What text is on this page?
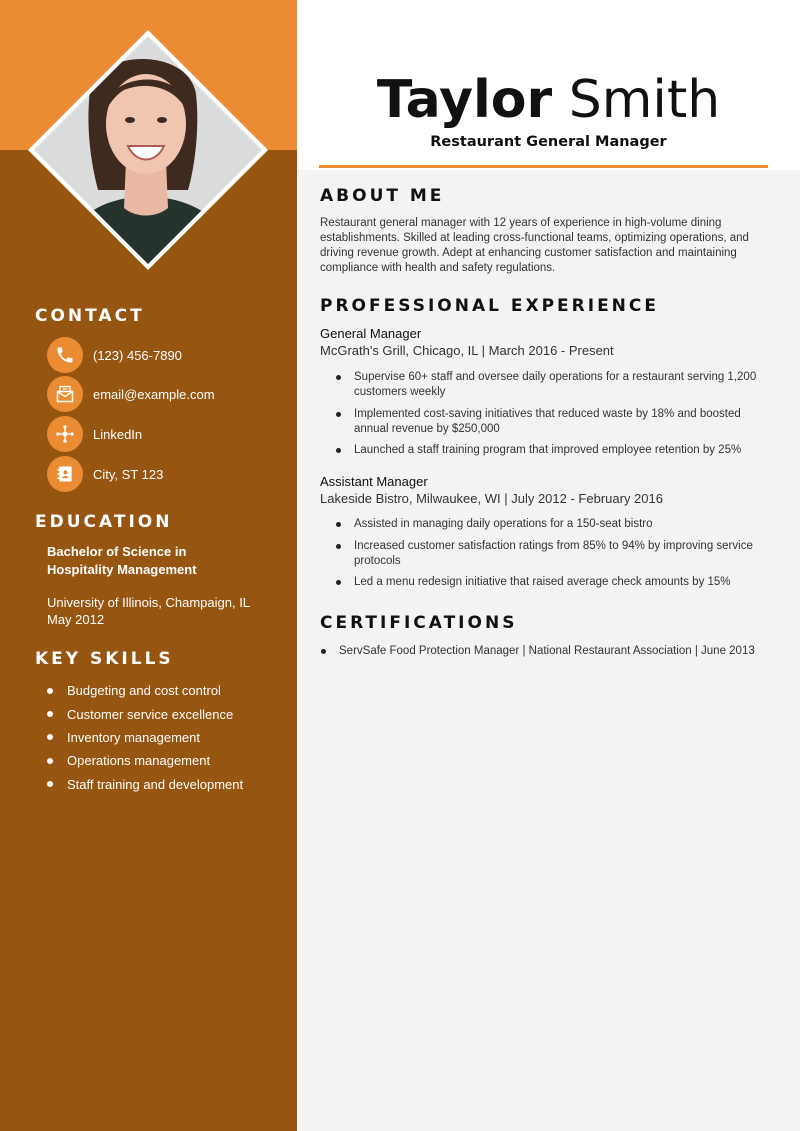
CONTACT
(123) 456-7890
email@example.com
LinkedIn
City, ST 123
EDUCATION
Bachelor of Science in
Hospitality Management
University of Illinois, Champaign, IL
May 2012
KEY SKILLS
Budgeting and cost control
Customer service excellence
Inventory management
Operations management
Staff training and development
Taylor Smith
Restaurant General Manager
ABOUT ME
Restaurant general manager with 12 years of experience in high-volume dining establishments. Skilled at leading cross-functional teams, optimizing operations, and driving revenue growth. Adept at enhancing customer satisfaction and maintaining compliance with health and safety regulations.
PROFESSIONAL EXPERIENCE
General Manager
McGrath's Grill, Chicago, IL | March 2016 - Present
Supervise 60+ staff and oversee daily operations for a restaurant serving 1,200 customers weekly
Implemented cost-saving initiatives that reduced waste by 18% and boosted annual revenue by $250,000
Launched a staff training program that improved employee retention by 25%
Assistant Manager
Lakeside Bistro, Milwaukee, WI | July 2012 - February 2016
Assisted in managing daily operations for a 150-seat bistro
Increased customer satisfaction ratings from 85% to 94% by improving service protocols
Led a menu redesign initiative that raised average check amounts by 15%
CERTIFICATIONS
ServSafe Food Protection Manager | National Restaurant Association | June 2013
